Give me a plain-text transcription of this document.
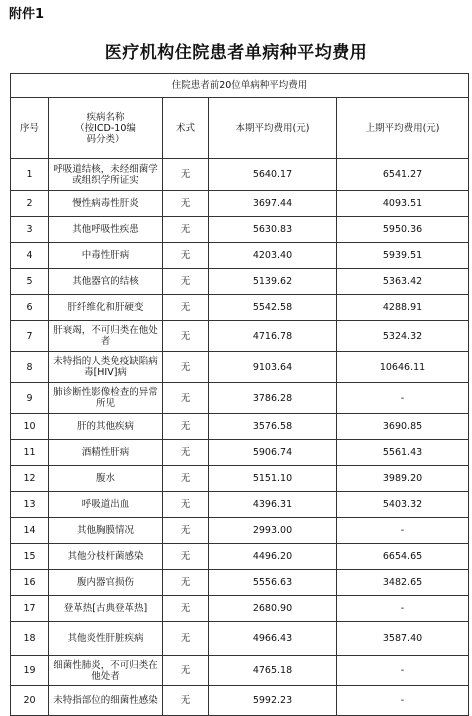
附件1
医疗机构住院患者单病种平均费用
住院患者前20位单病种平均费用				
序号	疾病名称
（按ICD-10编
码分类）	术式	本期平均费用(元)	上期平均费用(元)
1	呼吸道结核，未经细菌学或组织学所证实	无	5640.17	6541.27
2	慢性病毒性肝炎	无	3697.44	4093.51
3	其他呼吸性疾患	无	5630.83	5950.36
4	中毒性肝病	无	4203.40	5939.51
5	其他器官的结核	无	5139.62	5363.42
6	肝纤维化和肝硬变	无	5542.58	4288.91
7	肝衰竭，不可归类在他处者	无	4716.78	5324.32
8	未特指的人类免疫缺陷病毒[HIV]病	无	9103.64	10646.11
9	肺诊断性影像检查的异常所见	无	3786.28	-
10	肝的其他疾病	无	3576.58	3690.85
11	酒精性肝病	无	5906.74	5561.43
12	腹水	无	5151.10	3989.20
13	呼吸道出血	无	4396.31	5403.32
14	其他胸膜情况	无	2993.00	-
15	其他分枝杆菌感染	无	4496.20	6654.65
16	腹内器官损伤	无	5556.63	3482.65
17	登革热[古典登革热]	无	2680.90	-
18	其他炎性肝脏疾病	无	4966.43	3587.40
19	细菌性肺炎，不可归类在他处者	无	4765.18	-
20	未特指部位的细菌性感染	无	5992.23	-
